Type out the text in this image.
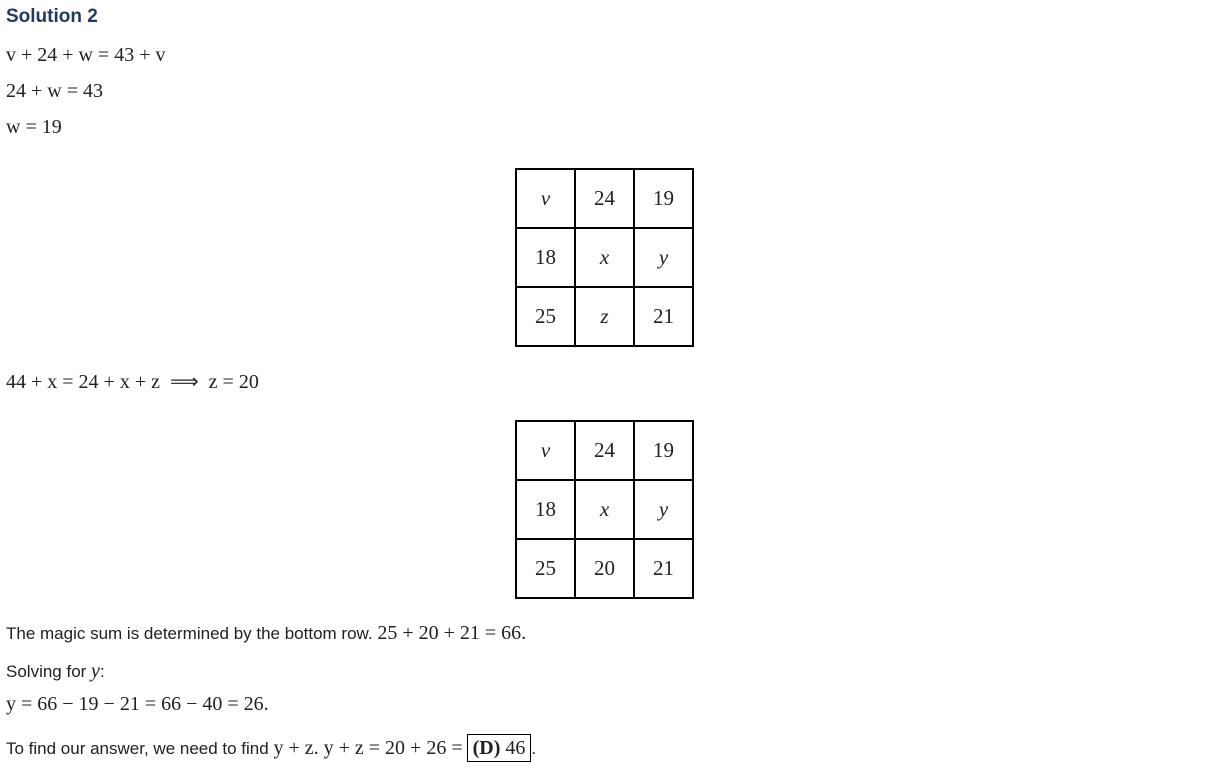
Solution 2
v + 24 + w = 43 + v
24 + w = 43
w = 19
v	24	19
18	x	y
25	z	21
44 + x = 24 + x + z  ⟹  z = 20
v	24	19
18	x	y
25	20	21
The magic sum is determined by the bottom row. 25 + 20 + 21 = 66.
Solving for y:
y = 66 − 19 − 21 = 66 − 40 = 26.
To find our answer, we need to find y + z. y + z = 20 + 26 = (D) 46 .
